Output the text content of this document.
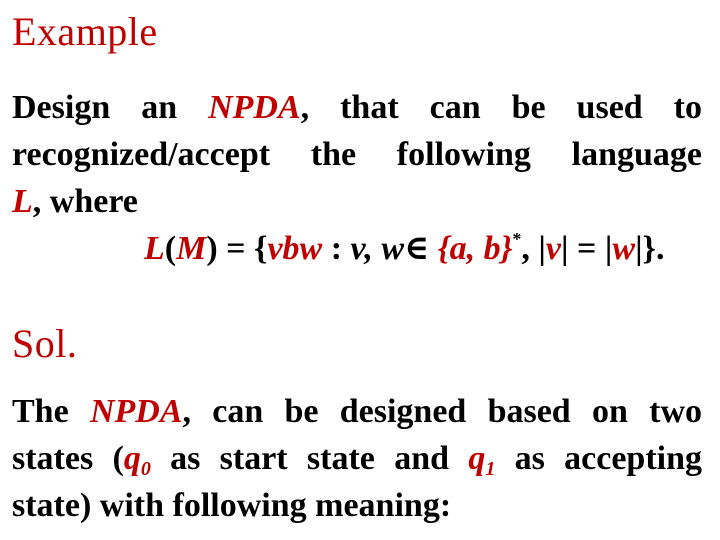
Example
Design an NPDA, that can be used to
recognized/accept the following language
L, where
L(M) = {vbw : v, w∈ {a, b}*, |v| = |w|}.
Sol.
The NPDA, can be designed based on two
states ($q_0$ as start state and $q_1$ as accepting
state) with following meaning:
